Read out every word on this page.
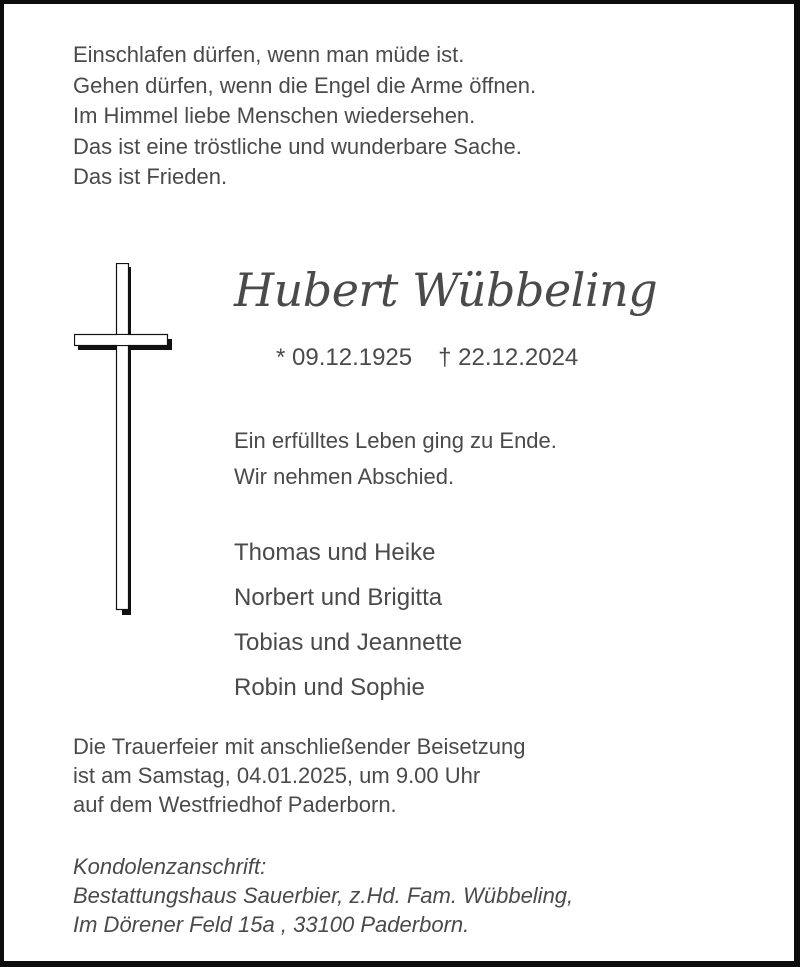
Einschlafen dürfen, wenn man müde ist.
Gehen dürfen, wenn die Engel die Arme öffnen.
Im Himmel liebe Menschen wiedersehen.
Das ist eine tröstliche und wunderbare Sache.
Das ist Frieden.
Hubert Wübbeling
* 09.12.1925 † 22.12.2024
Ein erfülltes Leben ging zu Ende.
Wir nehmen Abschied.
Thomas und Heike
Norbert und Brigitta
Tobias und Jeannette
Robin und Sophie
Die Trauerfeier mit anschließender Beisetzung
ist am Samstag, 04.01.2025, um 9.00 Uhr
auf dem Westfriedhof Paderborn.
Kondolenzanschrift:
Bestattungshaus Sauerbier, z.Hd. Fam. Wübbeling,
Im Dörener Feld 15a , 33100 Paderborn.
